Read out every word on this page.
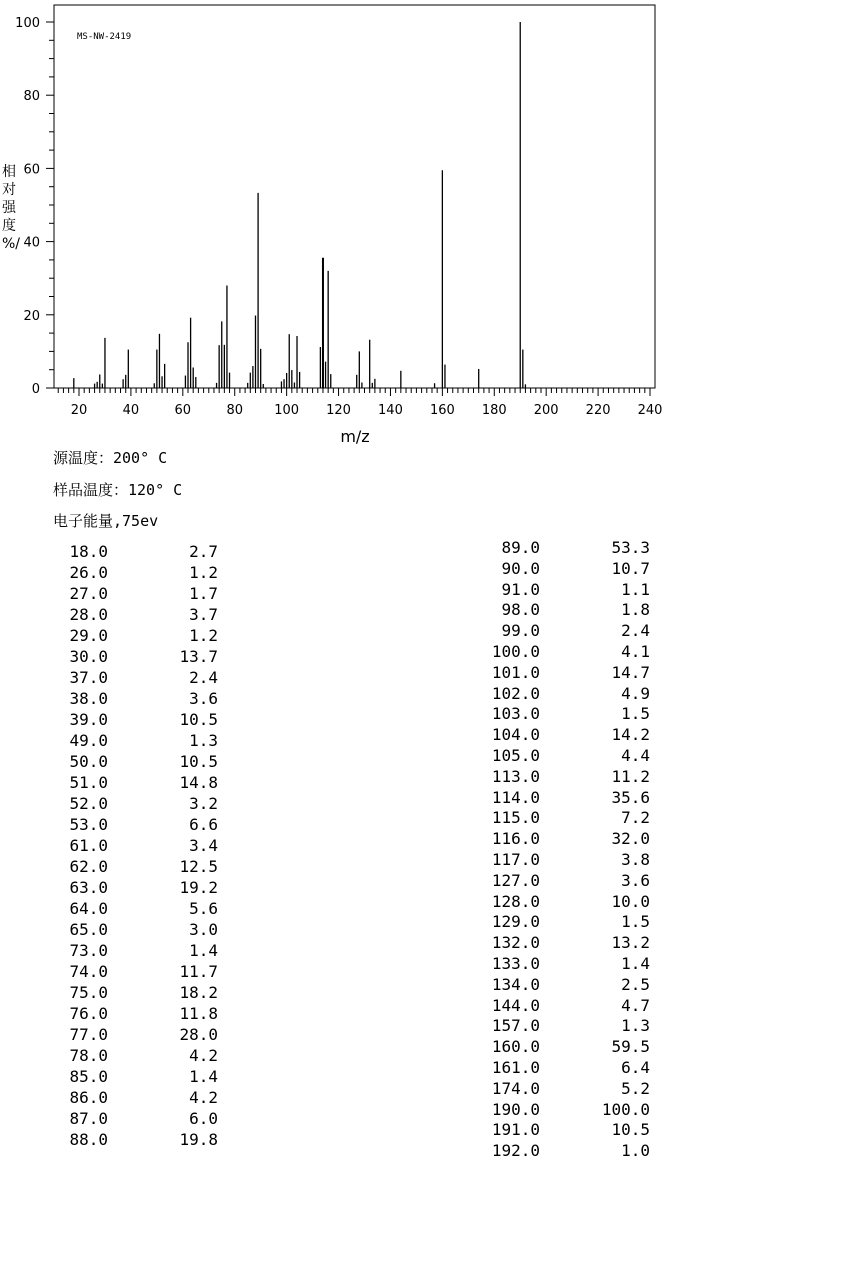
MS-NW-2419
20	40	60	80 100 120 140 160 180 200 220 240
0
20
40
60
80
100
m/z
相
对
强
度
%/
源温度：200° C
样品温度：120° C
电子能量,75ev
18.0	2.7
26.0	1.2
27.0	1.7
28.0	3.7
29.0	1.2
30.0	13.7
37.0	2.4
38.0	3.6
39.0	10.5
49.0	1.3
50.0	10.5
51.0	14.8
52.0	3.2
53.0	6.6
61.0	3.4
62.0	12.5
63.0	19.2
64.0	5.6
65.0	3.0
73.0	1.4
74.0	11.7
75.0	18.2
76.0	11.8
77.0	28.0
78.0	4.2
85.0	1.4
86.0	4.2
87.0	6.0
88.0	19.8
89.0	53.3
90.0	10.7
91.0	1.1
98.0	1.8
99.0	2.4
100.0	4.1
101.0	14.7
102.0	4.9
103.0	1.5
104.0	14.2
105.0	4.4
113.0	11.2
114.0	35.6
115.0	7.2
116.0	32.0
117.0	3.8
127.0	3.6
128.0	10.0
129.0	1.5
132.0	13.2
133.0	1.4
134.0	2.5
144.0	4.7
157.0	1.3
160.0	59.5
161.0	6.4
174.0	5.2
190.0	100.0
191.0	10.5
192.0	1.0
